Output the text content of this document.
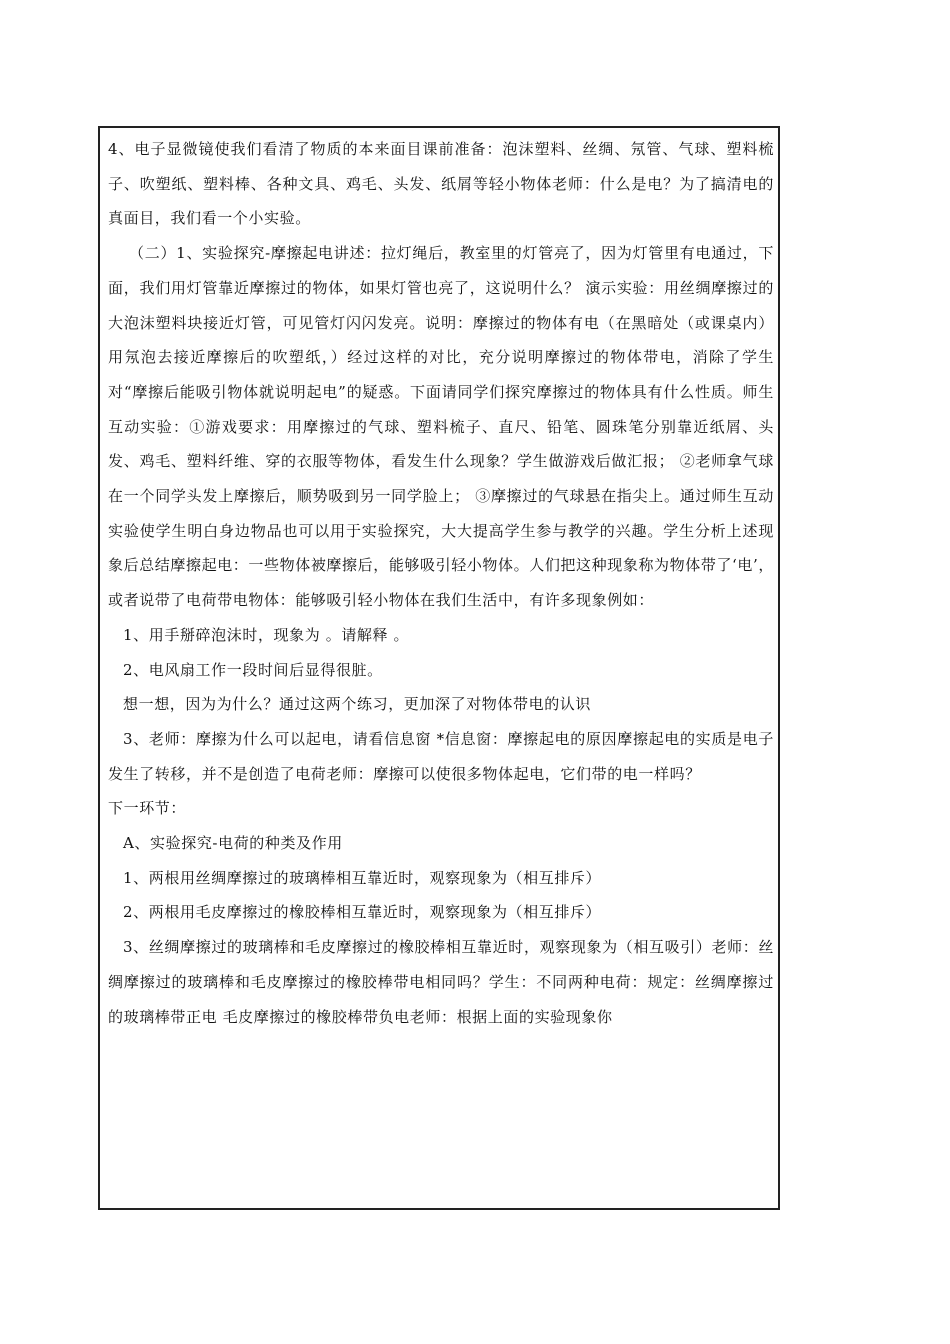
4、电子显微镜使我们看清了物质的本来面目课前准备：泡沫塑料、丝绸、氖管、气球、塑料梳子、吹塑纸、塑料棒、各种文具、鸡毛、头发、纸屑等轻小物体老师：什么是电？为了搞清电的真面目，我们看一个小实验。

（二）1、实验探究-摩擦起电讲述：拉灯绳后，教室里的灯管亮了，因为灯管里有电通过，下面，我们用灯管靠近摩擦过的物体，如果灯管也亮了，这说明什么？ 演示实验：用丝绸摩擦过的大泡沫塑料块接近灯管，可见管灯闪闪发亮。说明：摩擦过的物体有电（在黑暗处（或课桌内）用氖泡去接近摩擦后的吹塑纸，）经过这样的对比，充分说明摩擦过的物体带电，消除了学生对“摩擦后能吸引物体就说明起电”的疑惑。下面请同学们探究摩擦过的物体具有什么性质。师生互动实验：①游戏要求：用摩擦过的气球、塑料梳子、直尺、铅笔、圆珠笔分别靠近纸屑、头发、鸡毛、塑料纤维、穿的衣服等物体，看发生什么现象？学生做游戏后做汇报； ②老师拿气球在一个同学头发上摩擦后，顺势吸到另一同学脸上； ③摩擦过的气球悬在指尖上。通过师生互动实验使学生明白身边物品也可以用于实验探究，大大提高学生参与教学的兴趣。学生分析上述现象后总结摩擦起电：一些物体被摩擦后，能够吸引轻小物体。人们把这种现象称为物体带了‘电’，或者说带了电荷带电物体：能够吸引轻小物体在我们生活中，有许多现象例如：

1、用手掰碎泡沫时，现象为 。请解释 。

2、电风扇工作一段时间后显得很脏。

想一想，因为为什么？通过这两个练习，更加深了对物体带电的认识

3、老师：摩擦为什么可以起电，请看信息窗 *信息窗：摩擦起电的原因摩擦起电的实质是电子发生了转移，并不是创造了电荷老师：摩擦可以使很多物体起电，它们带的电一样吗？

下一环节：

A、实验探究-电荷的种类及作用

1、两根用丝绸摩擦过的玻璃棒相互靠近时，观察现象为（相互排斥）

2、两根用毛皮摩擦过的橡胶棒相互靠近时，观察现象为（相互排斥）

3、丝绸摩擦过的玻璃棒和毛皮摩擦过的橡胶棒相互靠近时，观察现象为（相互吸引）老师：丝绸摩擦过的玻璃棒和毛皮摩擦过的橡胶棒带电相同吗？学生：不同两种电荷：规定：丝绸摩擦过的玻璃棒带正电 毛皮摩擦过的橡胶棒带负电老师：根据上面的实验现象你
